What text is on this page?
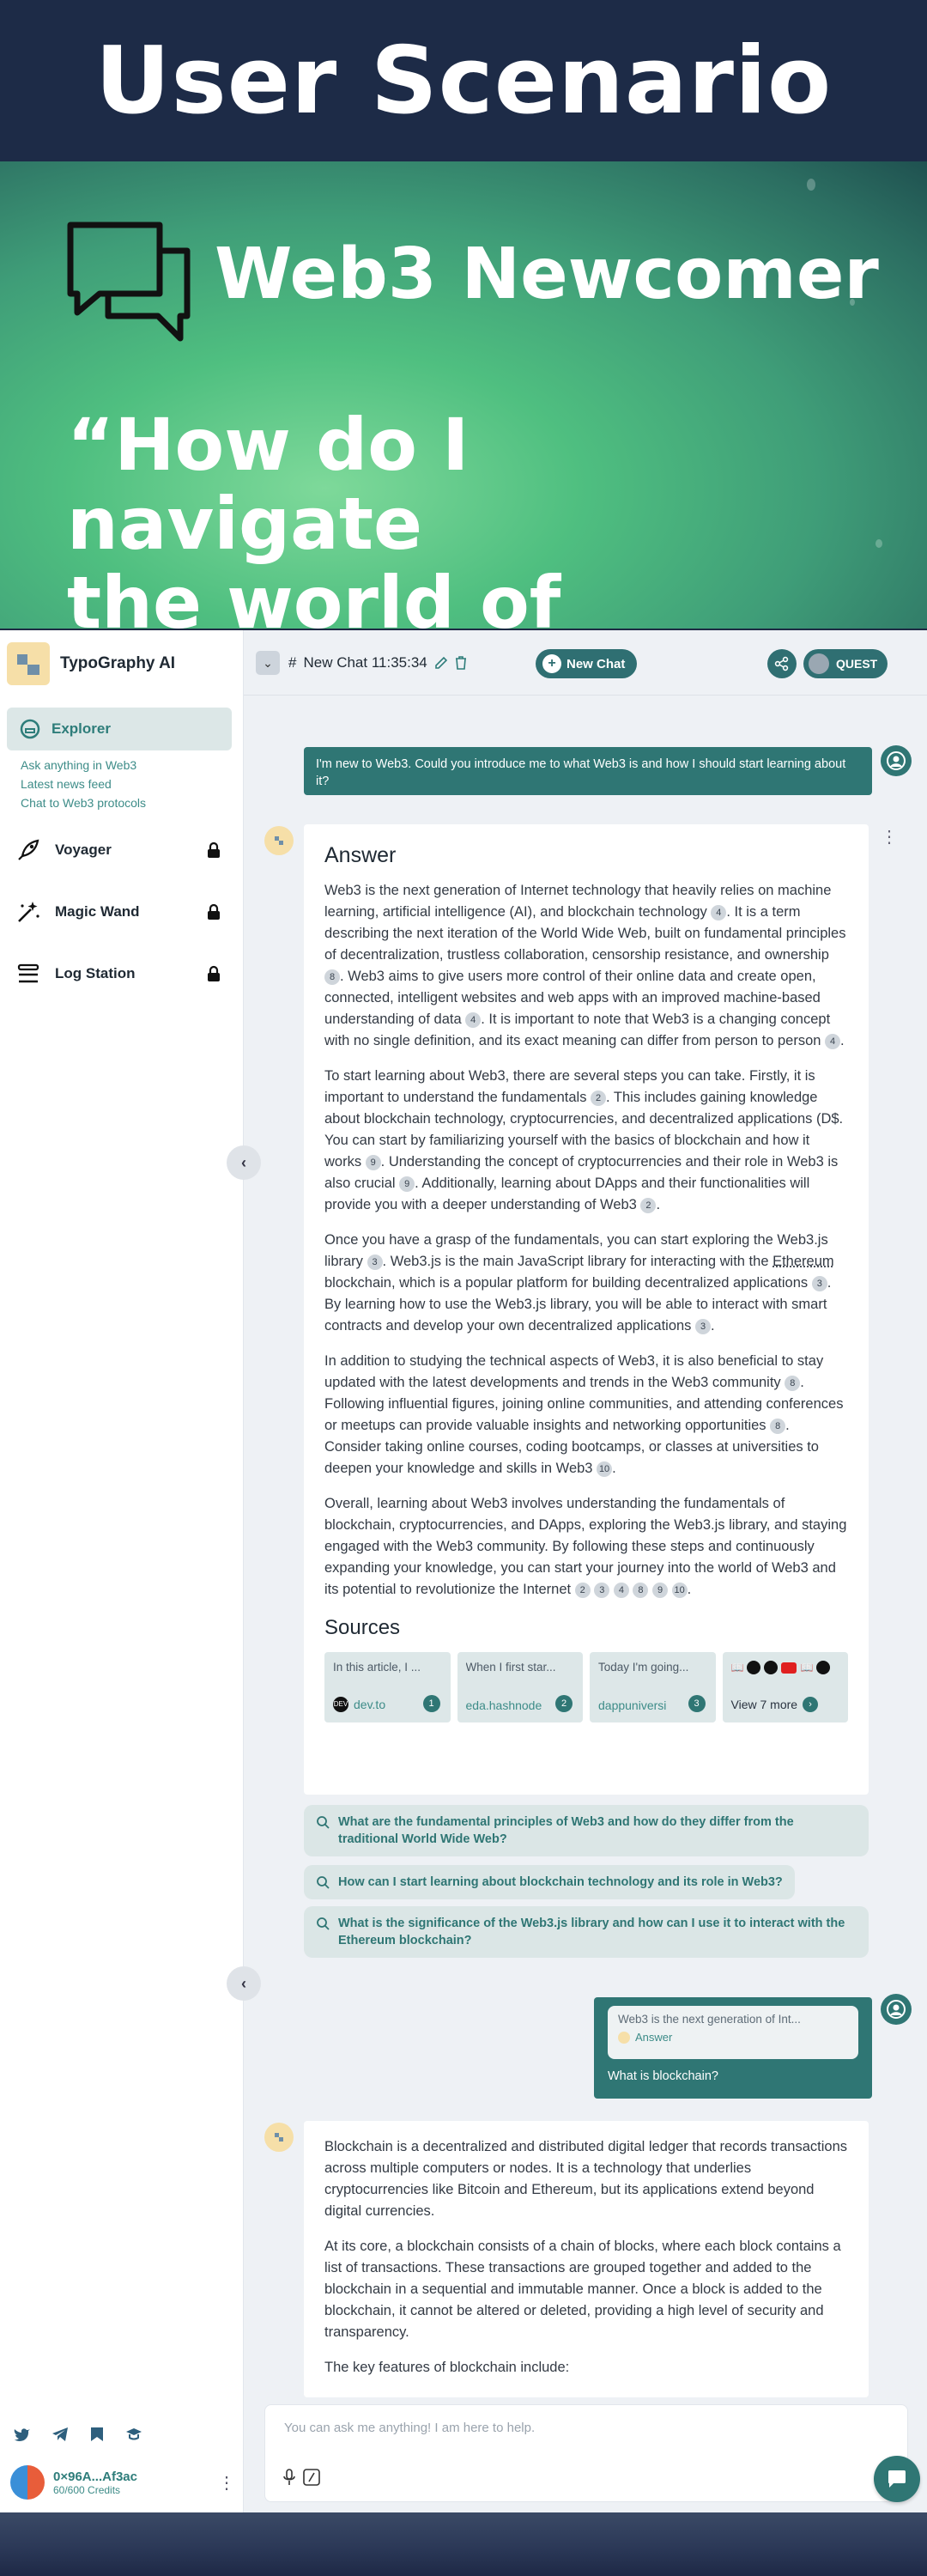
User Scenario
Web3 Newcomer
“How do I navigate
the world of
TypoGraphy AI
Explorer
Ask anything in Web3
Latest news feed
Chat to Web3 protocols
Voyager
Magic Wand
Log Station
0×96A...Af3ac
60/600 Credits	⋮
‹
‹
⌄	# New Chat 11:35:34	+ New Chat	QUEST
I'm new to Web3. Could you introduce me to what Web3 is and how I should start learning about it?
⋮
Answer

Web3 is the next generation of Internet technology that heavily relies on machine learning, artificial intelligence (AI), and blockchain technology 4 . It is a term describing the next iteration of the World Wide Web, built on fundamental principles of decentralization, trustless collaboration, censorship resistance, and ownership 8 . Web3 aims to give users more control of their online data and create open, connected, intelligent websites and web apps with an improved machine-based understanding of data 4 . It is important to note that Web3 is a changing concept with no single definition, and its exact meaning can differ from person to person 4 .

To start learning about Web3, there are several steps you can take. Firstly, it is important to understand the fundamentals 2 . This includes gaining knowledge about blockchain technology, cryptocurrencies, and decentralized applications (D$. You can start by familiarizing yourself with the basics of blockchain and how it works 9 . Understanding the concept of cryptocurrencies and their role in Web3 is also crucial 9 . Additionally, learning about DApps and their functionalities will provide you with a deeper understanding of Web3 2 .

Once you have a grasp of the fundamentals, you can start exploring the Web3.js library 3 . Web3.js is the main JavaScript library for interacting with the Ethereum blockchain, which is a popular platform for building decentralized applications 3 . By learning how to use the Web3.js library, you will be able to interact with smart contracts and develop your own decentralized applications 3 .

In addition to studying the technical aspects of Web3, it is also beneficial to stay updated with the latest developments and trends in the Web3 community 8 . Following influential figures, joining online communities, and attending conferences or meetups can provide valuable insights and networking opportunities 8 . Consider taking online courses, coding bootcamps, or classes at universities to deepen your knowledge and skills in Web3 10 .

Overall, learning about Web3 involves understanding the fundamentals of blockchain, cryptocurrencies, and DApps, exploring the Web3.js library, and staying engaged with the Web3 community. By following these steps and continuously expanding your knowledge, you can start your journey into the world of Web3 and its potential to revolutionize the Internet 2 3 4 8 9 10 .

Sources
In this article, I ...
DEV dev.to	1
When I first star...
eda.hashnode	2
Today I'm going...
dappuniversi	3
📖	📖
View 7 more	›
What are the fundamental principles of Web3 and how do they differ from the traditional World Wide Web?
How can I start learning about blockchain technology and its role in Web3?
What is the significance of the Web3.js library and how can I use it to interact with the Ethereum blockchain?
Web3 is the next generation of Int...
Answer
What is blockchain?

Blockchain is a decentralized and distributed digital ledger that records transactions across multiple computers or nodes. It is a technology that underlies cryptocurrencies like Bitcoin and Ethereum, but its applications extend beyond digital currencies.

At its core, a blockchain consists of a chain of blocks, where each block contains a list of transactions. These transactions are grouped together and added to the blockchain in a sequential and immutable manner. Once a block is added to the blockchain, it cannot be altered or deleted, providing a high level of security and transparency.

The key features of blockchain include:

You can ask me anything! I am here to help.
